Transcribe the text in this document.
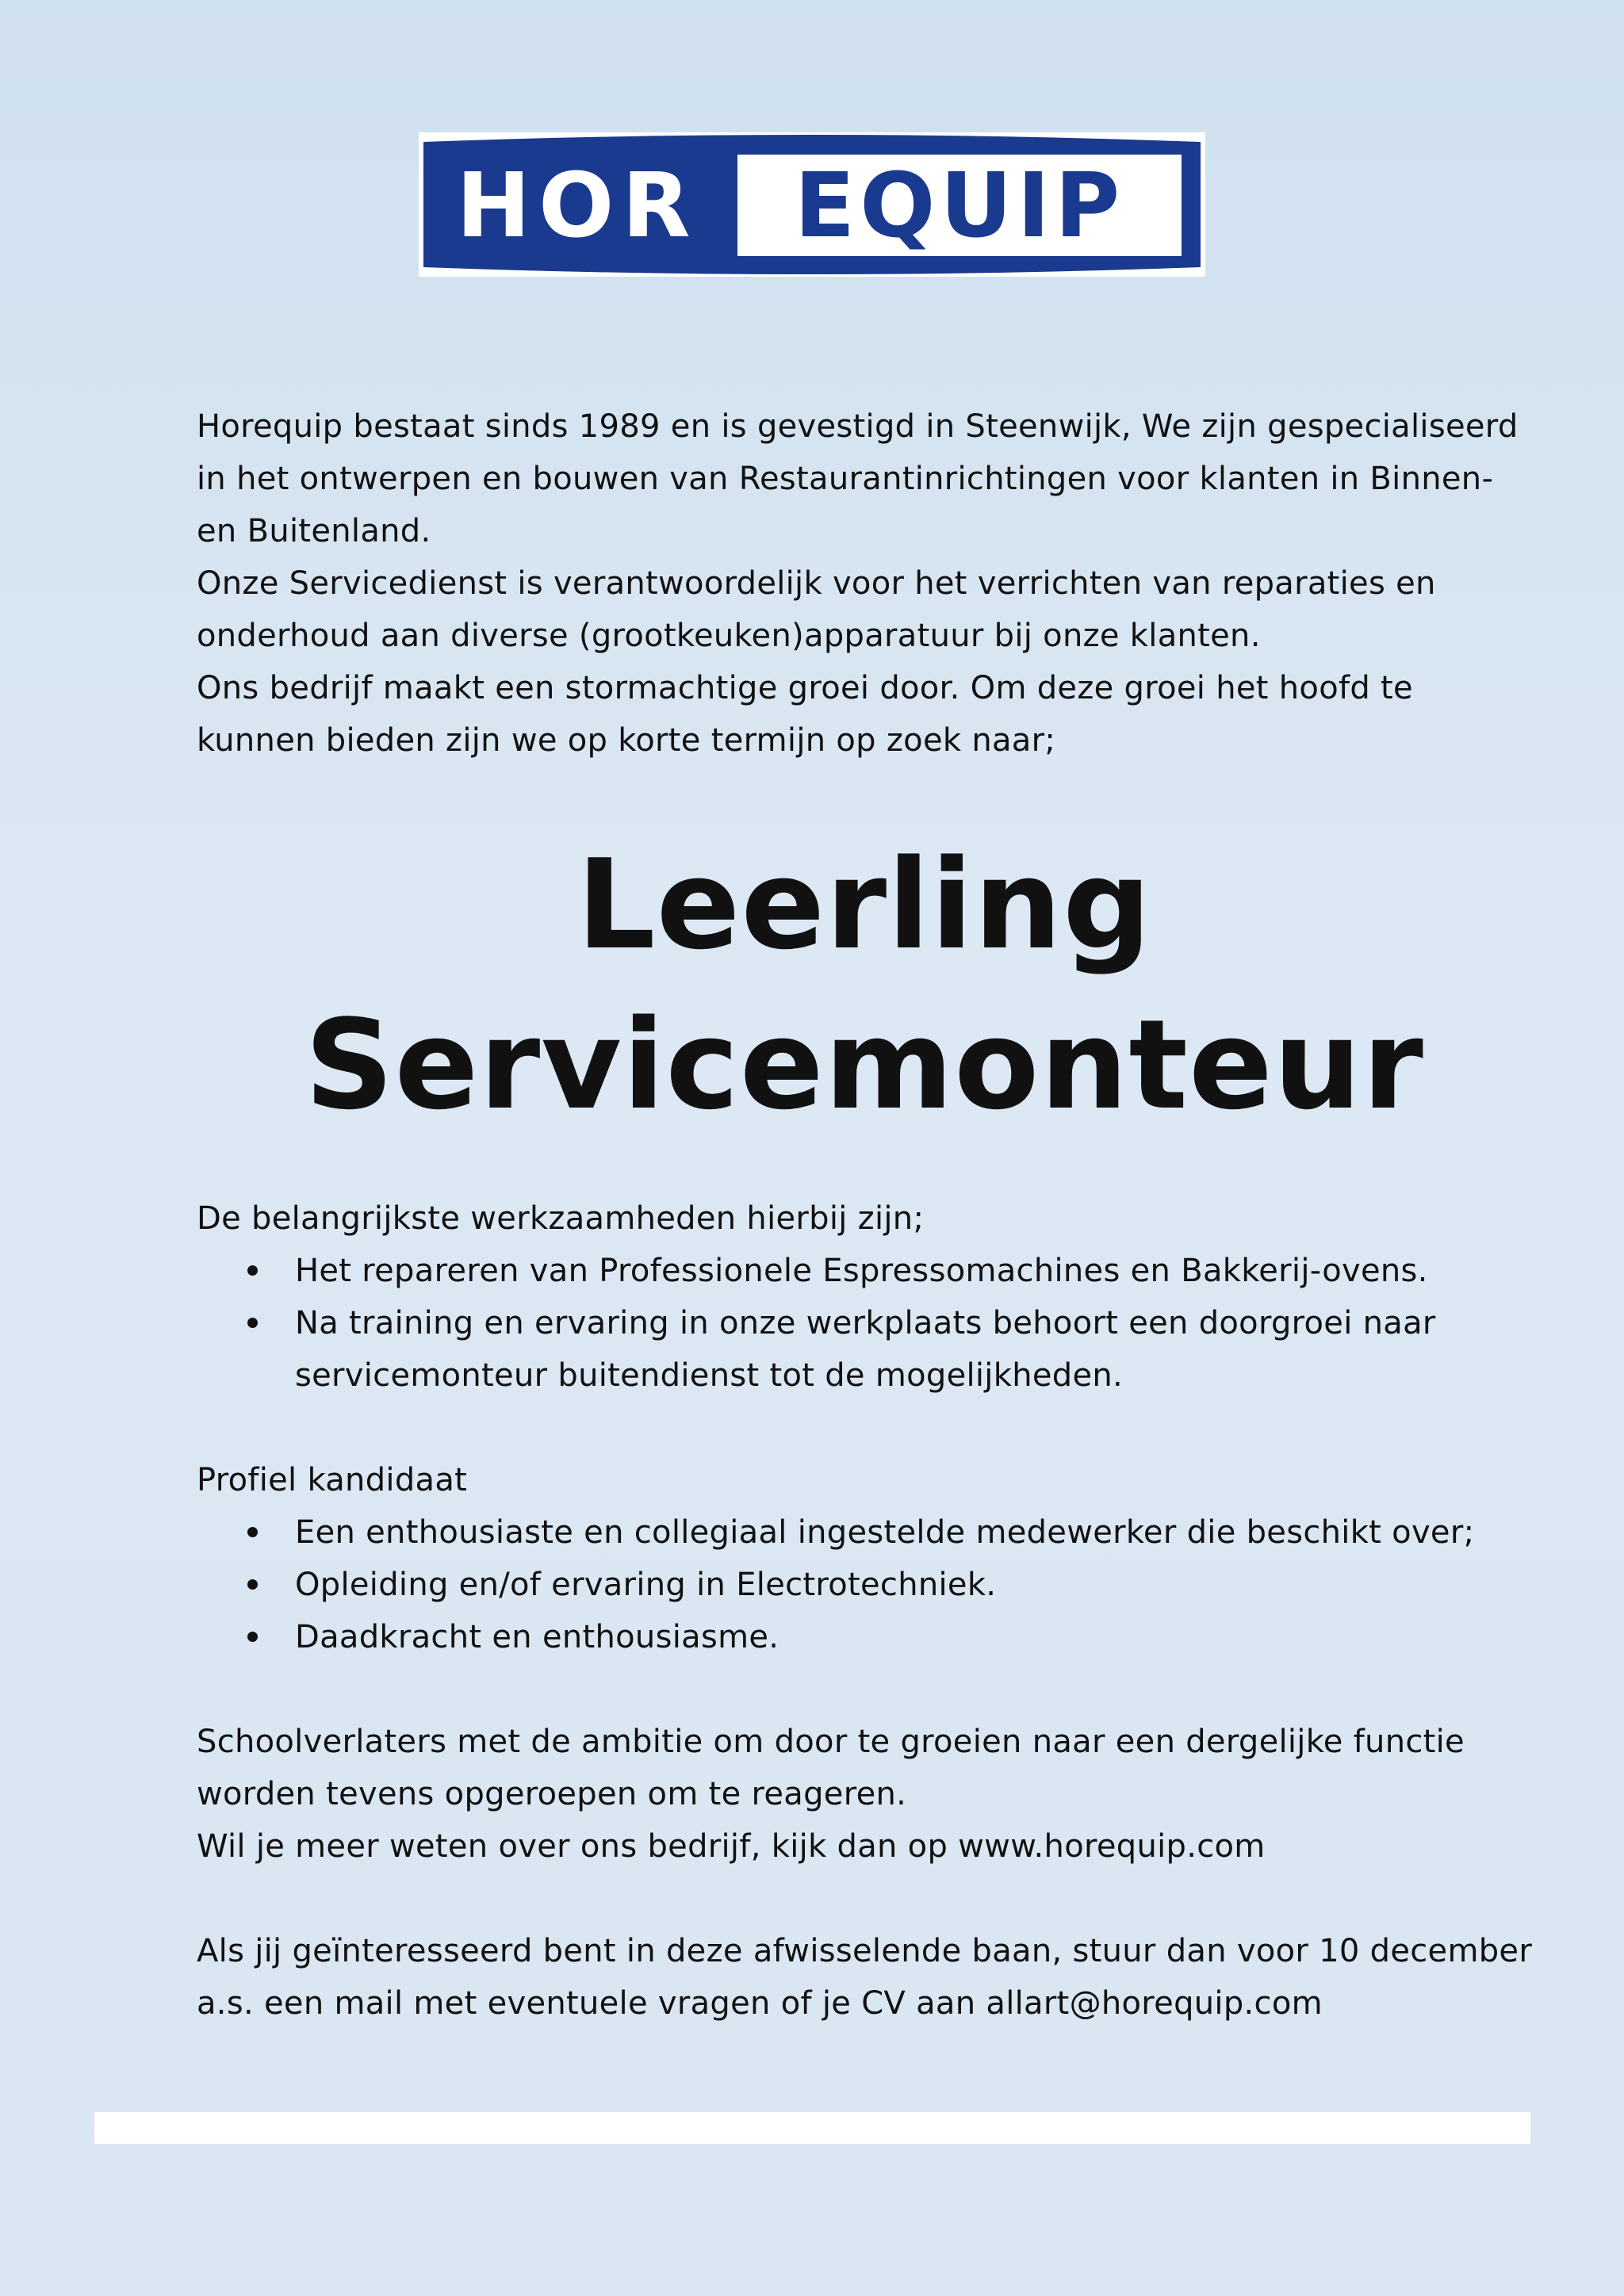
HOR EQUIP

Horequip bestaat sinds 1989 en is gevestigd in Steenwijk, We zijn gespecialiseerd in het ontwerpen en bouwen van Restaurantinrichtingen voor klanten in Binnen- en Buitenland.

Onze Servicedienst is verantwoordelijk voor het verrichten van reparaties en onderhoud aan diverse (grootkeuken)apparatuur bij onze klanten.

Ons bedrijf maakt een stormachtige groei door. Om deze groei het hoofd te kunnen bieden zijn we op korte termijn op zoek naar;

Leerling
Servicemonteur

De belangrijkste werkzaamheden hierbij zijn;

Het repareren van Professionele Espressomachines en Bakkerij-ovens.
Na training en ervaring in onze werkplaats behoort een doorgroei naar servicemonteur buitendienst tot de mogelijkheden.

Profiel kandidaat

Een enthousiaste en collegiaal ingestelde medewerker die beschikt over;
Opleiding en/of ervaring in Electrotechniek.
Daadkracht en enthousiasme.

Schoolverlaters met de ambitie om door te groeien naar een dergelijke functie worden tevens opgeroepen om te reageren.

Wil je meer weten over ons bedrijf, kijk dan op www.horequip.com

Als jij geïnteresseerd bent in deze afwisselende baan, stuur dan voor 10 december a.s. een mail met eventuele vragen of je CV aan allart@horequip.com
